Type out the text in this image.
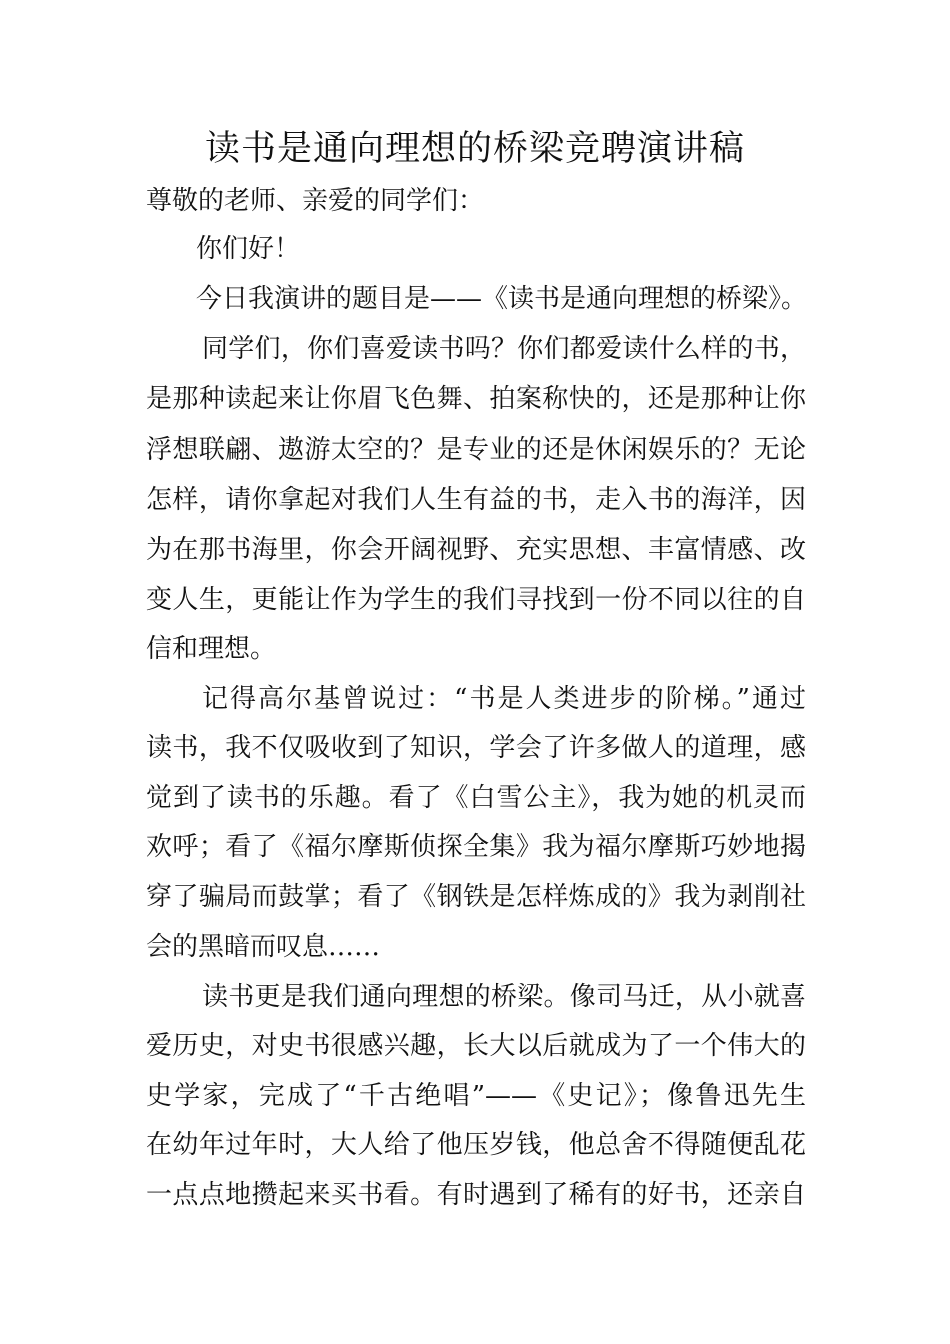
读书是通向理想的桥梁竞聘演讲稿

尊敬的老师、亲爱的同学们：

你们好！

今日我演讲的题目是——《读书是通向理想的桥梁》。

同学们，你们喜爱读书吗？你们都爱读什么样的书，

是那种读起来让你眉飞色舞、拍案称快的，还是那种让你

浮想联翩、遨游太空的？是专业的还是休闲娱乐的？无论

怎样，请你拿起对我们人生有益的书，走入书的海洋，因

为在那书海里，你会开阔视野、充实思想、丰富情感、改

变人生，更能让作为学生的我们寻找到一份不同以往的自

信和理想。

记得高尔基曾说过：“书是人类进步的阶梯。”通过

读书，我不仅吸收到了知识，学会了许多做人的道理，感

觉到了读书的乐趣。看了《白雪公主》，我为她的机灵而

欢呼；看了《福尔摩斯侦探全集》我为福尔摩斯巧妙地揭

穿了骗局而鼓掌；看了《钢铁是怎样炼成的》我为剥削社

会的黑暗而叹息……

读书更是我们通向理想的桥梁。像司马迁，从小就喜

爱历史，对史书很感兴趣，长大以后就成为了一个伟大的

史学家，完成了“千古绝唱”——《史记》；像鲁迅先生

在幼年过年时，大人给了他压岁钱，他总舍不得随便乱花

一点点地攒起来买书看。有时遇到了稀有的好书，还亲自
